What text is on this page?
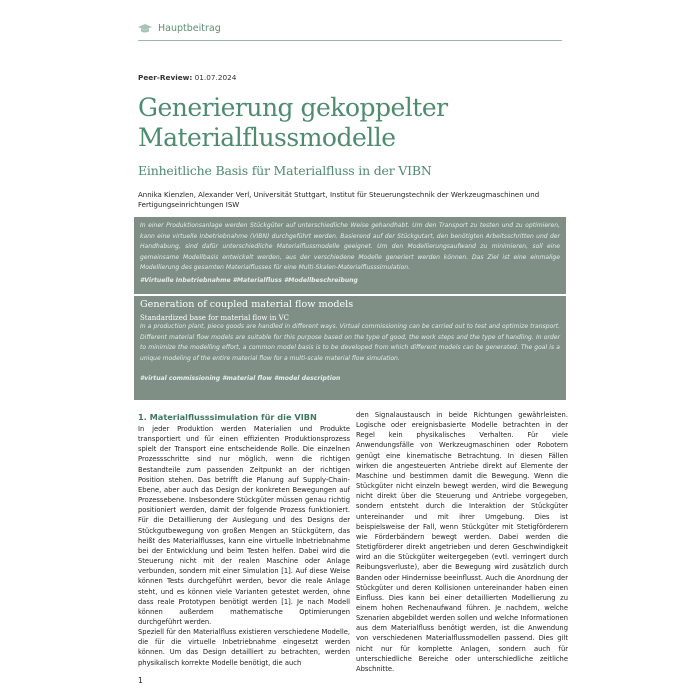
Hauptbeitrag
Peer-Review: 01.07.2024
Generierung gekoppelter
Materialflussmodelle
Einheitliche Basis für Materialfluss in der VIBN
Annika Kienzlen, Alexander Verl, Universität Stuttgart, Institut für Steuerungstechnik der Werkzeugmaschinen und Fertigungseinrichtungen ISW
In einer Produktionsanlage werden Stückgüter auf unterschiedliche Weise gehandhabt. Um den Transport zu testen und zu optimieren, kann eine virtuelle Inbetriebnahme (VIBN) durchgeführt werden. Basierend auf der Stückgutart, den benötigten Arbeitsschritten und der Handhabung, sind dafür unterschiedliche Materialflussmodelle geeignet. Um den Modellierungsaufwand zu minimieren, soll eine gemeinsame Modellbasis entwickelt werden, aus der verschiedene Modelle generiert werden können. Das Ziel ist eine einmalige Modellierung des gesamten Materialflusses für eine Multi-Skalen-Materialflusssimulation.
#Virtuelle Inbetriebnahme #Materialfluss #Modellbeschreibung
Generation of coupled material flow models
Standardized base for material flow in VC
In a production plant, piece goods are handled in different ways. Virtual commissioning can be carried out to test and optimize transport. Different material flow models are suitable for this purpose based on the type of good, the work steps and the type of handling. In order to minimize the modelling effort, a common model basis is to be developed from which different models can be generated. The goal is a unique modeling of the entire material flow for a multi-scale material flow simulation.
#virtual commissioning #material flow #model description
1. Materialflusssimulation für die VIBN

In jeder Produktion werden Materialien und Produkte transportiert und für einen effizienten Produktionsprozess spielt der Transport eine entscheidende Rolle. Die einzelnen Prozessschritte sind nur möglich, wenn die richtigen Bestandteile zum passenden Zeitpunkt an der richtigen Position stehen. Das betrifft die Planung auf Supply-Chain-Ebene, aber auch das Design der konkreten Bewegungen auf Prozessebene. Insbesondere Stückgüter müssen genau richtig positioniert werden, damit der folgende Prozess funktioniert. Für die Detaillierung der Auslegung und des Designs der Stückgutbewegung von großen Mengen an Stückgütern, das heißt des Materialflusses, kann eine virtuelle Inbetriebnahme bei der Entwicklung und beim Testen helfen. Dabei wird die Steuerung nicht mit der realen Maschine oder Anlage verbunden, sondern mit einer Simulation [1]. Auf diese Weise können Tests durchgeführt werden, bevor die reale Anlage steht, und es können viele Varianten getestet werden, ohne dass reale Prototypen benötigt werden [1]. Je nach Modell können außerdem mathematische Optimierungen durchgeführt werden.

Speziell für den Materialfluss existieren verschiedene Modelle, die für die virtuelle Inbetriebnahme eingesetzt werden können. Um das Design detailliert zu betrachten, werden physikalisch korrekte Modelle benötigt, die auch

den Signalaustausch in beide Richtungen gewährleisten. Logische oder ereignisbasierte Modelle betrachten in der Regel kein physikalisches Verhalten. Für viele Anwendungsfälle von Werkzeugmaschinen oder Robotern genügt eine kinematische Betrachtung. In diesen Fällen wirken die angesteuerten Antriebe direkt auf Elemente der Maschine und bestimmen damit die Bewegung. Wenn die Stückgüter nicht einzeln bewegt werden, wird die Bewegung nicht direkt über die Steuerung und Antriebe vorgegeben, sondern entsteht durch die Interaktion der Stückgüter untereinander und mit ihrer Umgebung. Dies ist beispielsweise der Fall, wenn Stückgüter mit Stetigförderern wie Förderbändern bewegt werden. Dabei werden die Stetigförderer direkt angetrieben und deren Geschwindigkeit wird an die Stückgüter weitergegeben (evtl. verringert durch Reibungsverluste), aber die Bewegung wird zusätzlich durch Banden oder Hindernisse beeinflusst. Auch die Anordnung der Stückgüter und deren Kollisionen untereinander haben einen Einfluss. Dies kann bei einer detaillierten Modellierung zu einem hohen Rechenaufwand führen. Je nachdem, welche Szenarien abgebildet werden sollen und welche Informationen aus dem Materialfluss benötigt werden, ist die Anwendung von verschiedenen Materialflussmodellen passend. Dies gilt nicht nur für komplette Anlagen, sondern auch für unterschiedliche Bereiche oder unterschiedliche zeitliche Abschnitte.

1
